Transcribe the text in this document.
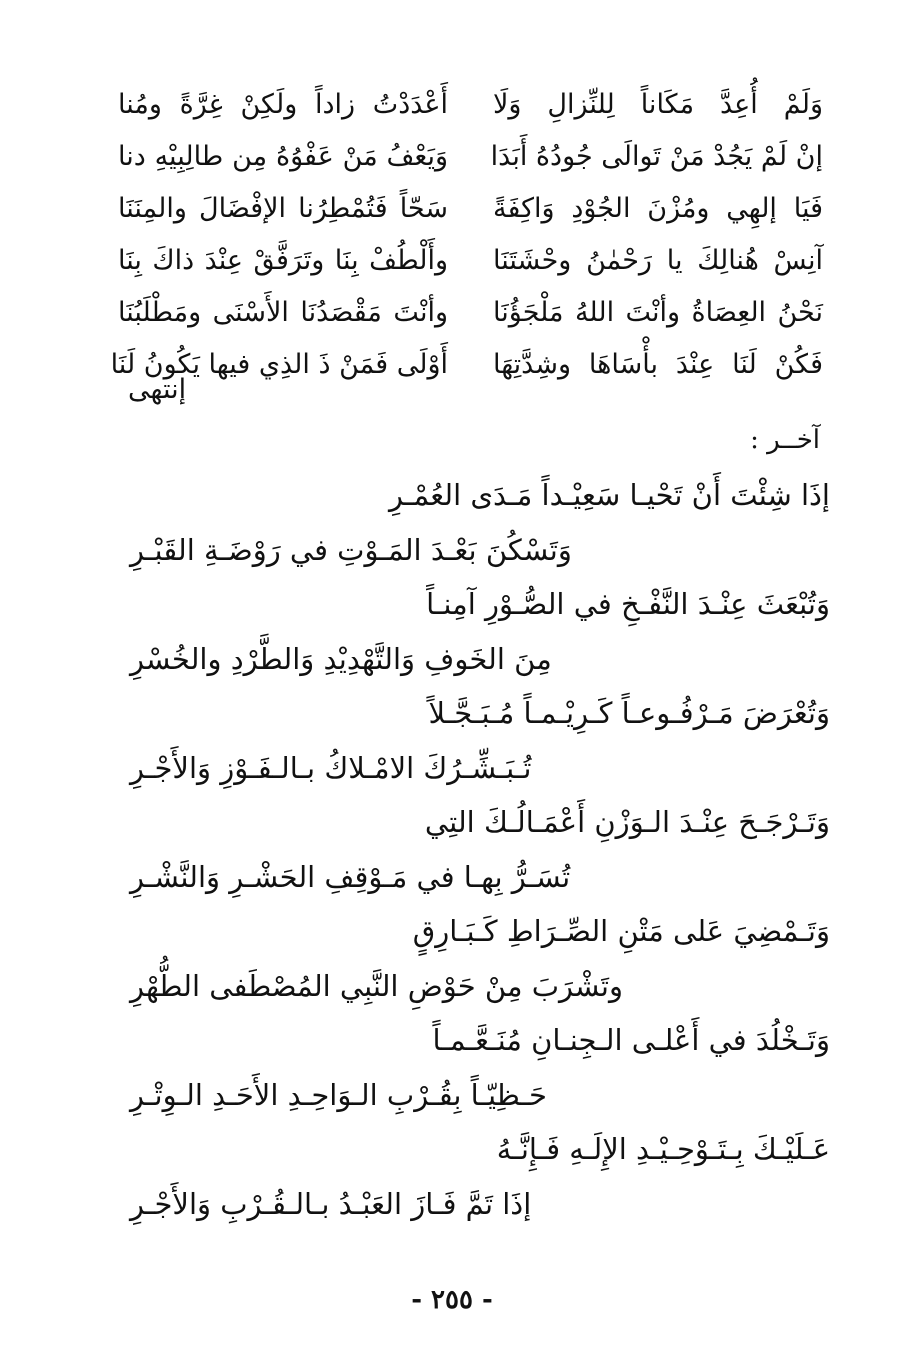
وَلَمْ أُعِدَّ مَكَاناً لِلنِّزالِ وَلَا
أَعْدَدْتُ زاداً ولَكِنْ غِرَّةً ومُنا
إنْ لَمْ يَجُدْ مَنْ تَوالَى جُودُهُ أَبَدَا
وَيَعْفُ مَنْ عَفْوُهُ مِن طالِبِيْهِ دنا
فَيَا إلهِي ومُزْنَ الجُوْدِ وَاكِفَةً
سَحّاً فَتُمْطِرُنا الإفْضَالَ والمِنَنَا
آنِسْ هُنالِكَ يا رَحْمٰنُ وحْشَتَنَا
وأَلْطُفْ بِنَا وتَرَفَّقْ عِنْدَ ذاكَ بِنَا
نَحْنُ العِصَاةُ وأنْتَ اللهُ مَلْجَؤُنَا
وأنْتَ مَقْصَدُنَا الأَسْنَى ومَطْلَبُنَا
فَكُنْ لَنَا عِنْدَ بأْسَاهَا وشِدَّتِهَا
أَوْلَى فَمَنْ ذَ الذِي فيها يَكُونُ لَنَا
إنتهى
آخــر :
إذَا شِئْتَ أَنْ تَحْيـا سَعِيْـداً مَـدَى العُمْـرِ
وَتَسْكُنَ بَعْـدَ المَـوْتِ في رَوْضَـةِ القَبْـرِ
وَتُبْعَثَ عِنْـدَ النَّفْـخِ في الصُّـوْرِ آمِنـاً
مِنَ الخَوفِ وَالتَّهْدِيْدِ وَالطَّرْدِ والخُسْرِ
وَتُعْرَضَ مَـرْفُـوعـاً كَـرِيْـمـاً مُـبَـجَّـلاً
تُـبَـشِّـرُكَ الامْـلاكُ بـالـفَـوْزِ وَالأَجْـرِ
وَتَـرْجَـحَ عِنْـدَ الـوَزْنِ أَعْمَـالُـكَ التِي
تُسَـرُّ بِهـا في مَـوْقِفِ الحَشْـرِ وَالنَّشْـرِ
وَتَـمْضِيَ عَلى مَتْنِ الصِّـرَاطِ كَـبَـارِقٍ
وتَشْرَبَ مِنْ حَوْضِ النَّبِي المُصْطَفى الطُّهْرِ
وَتَـخْلُدَ في أَعْلـى الـجِنـانِ مُنَـعَّـمـاً
حَـظِيّـاً بِقُـرْبِ الـوَاحِـدِ الأَحَـدِ الـوِتْـرِ
عَـلَيْـكَ بِـتَـوْحِـيْـدِ الإِلَـهِ فَـإِنَّـهُ
إذَا تَمَّ فَـازَ العَبْـدُ بـالـقُـرْبِ وَالأَجْـرِ
- ٢٥٥ -
